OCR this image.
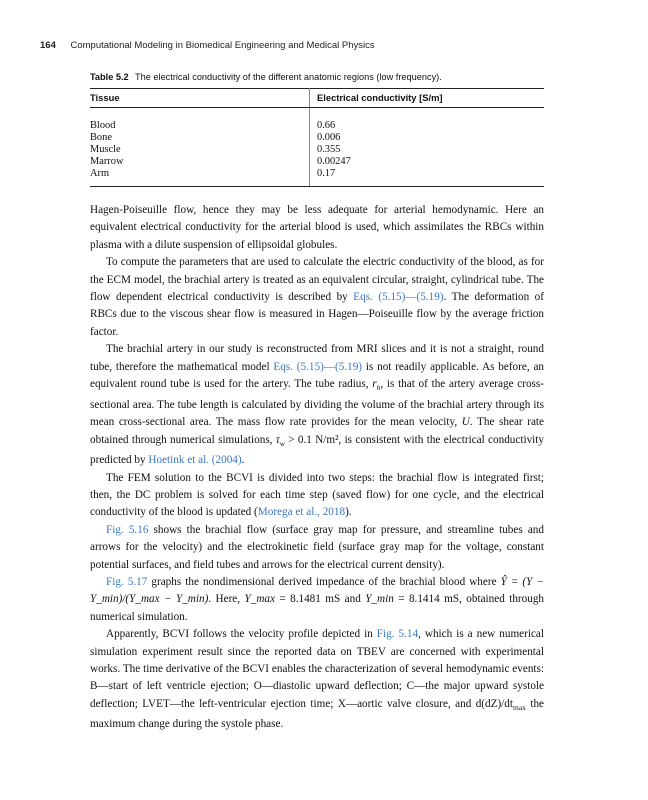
164 Computational Modeling in Biomedical Engineering and Medical Physics
Table 5.2 The electrical conductivity of the different anatomic regions (low frequency).
Tissue	Electrical conductivity [S/m]
Blood	0.66
Bone	0.006
Muscle	0.355
Marrow	0.00247
Arm	0.17

Hagen-Poiseuille flow, hence they may be less adequate for arterial hemodynamic. Here an equivalent electrical conductivity for the arterial blood is used, which assimilates the RBCs within plasma with a dilute suspension of ellipsoidal globules.

To compute the parameters that are used to calculate the electric conductivity of the blood, as for the ECM model, the brachial artery is treated as an equivalent circular, straight, cylindrical tube. The flow dependent electrical conductivity is described by Eqs. (5.15)—(5.19). The deformation of RBCs due to the viscous shear flow is measured in Hagen—Poiseuille flow by the average friction factor.

The brachial artery in our study is reconstructed from MRI slices and it is not a straight, round tube, therefore the mathematical model Eqs. (5.15)—(5.19) is not readily applicable. As before, an equivalent round tube is used for the artery. The tube radius, $r_h$, is that of the artery average cross-sectional area. The tube length is calculated by dividing the volume of the brachial artery through its mean cross-sectional area. The mass flow rate provides for the mean velocity, U. The shear rate obtained through numerical simulations, $\tau_w > 0.1$ N/m², is consistent with the electrical conductivity predicted by Hoetink et al. (2004).

The FEM solution to the BCVI is divided into two steps: the brachial flow is integrated first; then, the DC problem is solved for each time step (saved flow) for one cycle, and the electrical conductivity of the blood is updated (Morega et al., 2018).

Fig. 5.16 shows the brachial flow (surface gray map for pressure, and streamline tubes and arrows for the velocity) and the electrokinetic field (surface gray map for the voltage, constant potential surfaces, and field tubes and arrows for the electrical current density).

Fig. 5.17 graphs the nondimensional derived impedance of the brachial blood where Ŷ = (Y − Y_min)/(Y_max − Y_min). Here, Y_max = 8.1481 mS and Y_min = 8.1414 mS, obtained through numerical simulation.

Apparently, BCVI follows the velocity profile depicted in Fig. 5.14, which is a new numerical simulation experiment result since the reported data on TBEV are concerned with experimental works. The time derivative of the BCVI enables the characterization of several hemodynamic events: B—start of left ventricle ejection; O—diastolic upward deflection; C—the major upward systole deflection; LVET—the left-ventricular ejection time; X—aortic valve closure, and $d(dZ)/dt_{max}$ the maximum change during the systole phase.
